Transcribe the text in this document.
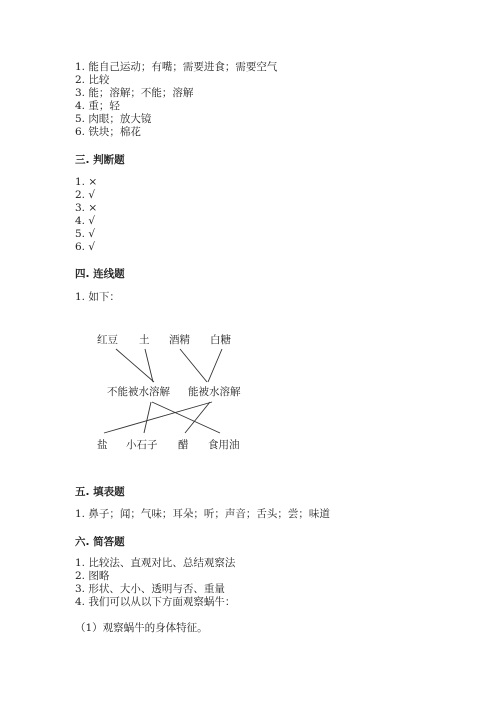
1. 能自己运动；有嘴；需要进食；需要空气
2. 比较
3. 能；溶解；不能；溶解
4. 重；轻
5. 肉眼；放大镜
6. 铁块；棉花
三. 判断题
1. ×
2. √
3. ×
4. √
5. √
6. √
四. 连线题
1. 如下：
红豆 土 酒精 白糖
不能被水溶解 能被水溶解
盐 小石子 醋 食用油
五. 填表题
1. 鼻子；闻；气味；耳朵；听；声音；舌头；尝；味道
六. 简答题
1. 比较法、直观对比、总结观察法
2. 图略
3. 形状、大小、透明与否、重量
4. 我们可以从以下方面观察蜗牛：
（1）观察蜗牛的身体特征。
